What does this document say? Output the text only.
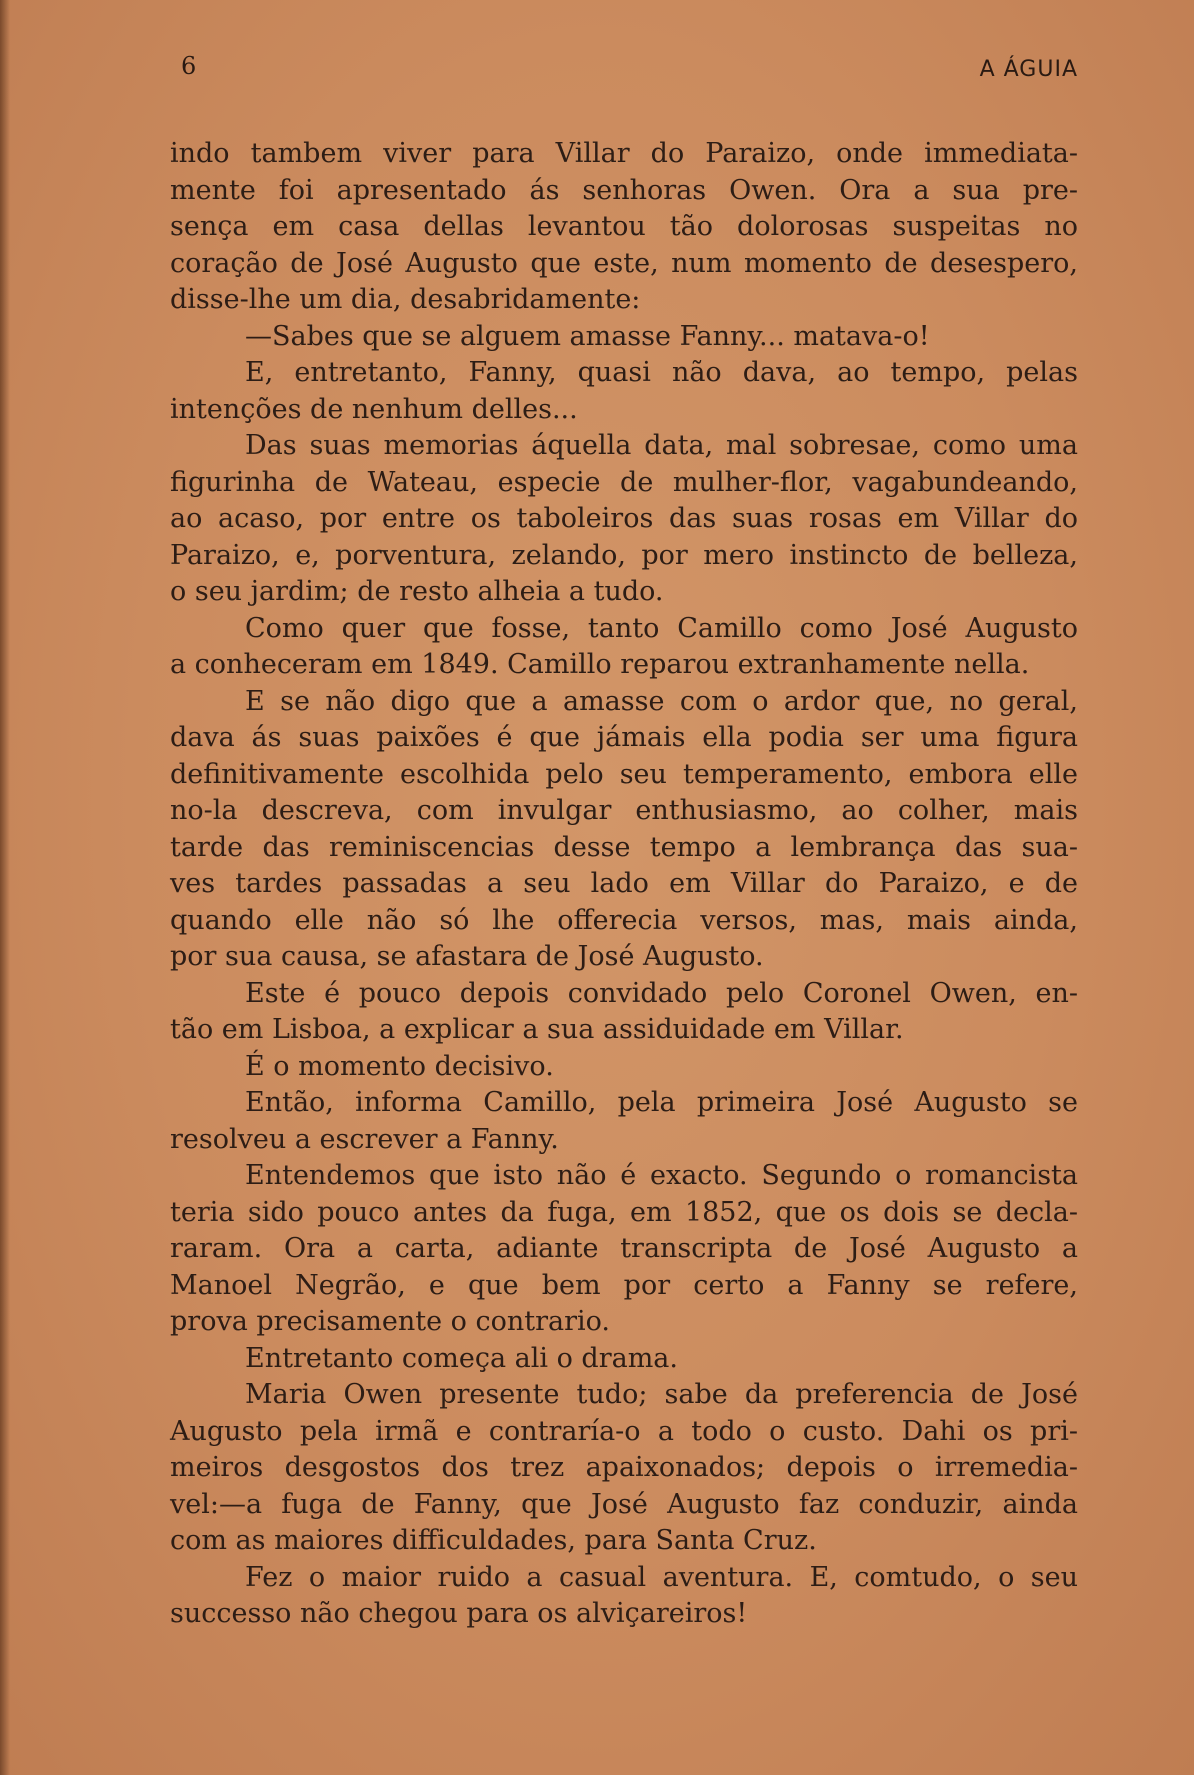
6	A ÁGUIA
indo tambem viver para Villar do Paraizo, onde immediata-
mente foi apresentado ás senhoras Owen. Ora a sua pre-
sença em casa dellas levantou tão dolorosas suspeitas no
coração de José Augusto que este, num momento de desespero,
disse-lhe um dia, desabridamente:
—Sabes que se alguem amasse Fanny... matava-o!
E, entretanto, Fanny, quasi não dava, ao tempo, pelas
intenções de nenhum delles...
Das suas memorias áquella data, mal sobresae, como uma
figurinha de Wateau, especie de mulher-flor, vagabundeando,
ao acaso, por entre os taboleiros das suas rosas em Villar do
Paraizo, e, porventura, zelando, por mero instincto de belleza,
o seu jardim; de resto alheia a tudo.
Como quer que fosse, tanto Camillo como José Augusto
a conheceram em 1849. Camillo reparou extranhamente nella.
E se não digo que a amasse com o ardor que, no geral,
dava ás suas paixões é que jámais ella podia ser uma figura
definitivamente escolhida pelo seu temperamento, embora elle
no-la descreva, com invulgar enthusiasmo, ao colher, mais
tarde das reminiscencias desse tempo a lembrança das sua-
ves tardes passadas a seu lado em Villar do Paraizo, e de
quando elle não só lhe offerecia versos, mas, mais ainda,
por sua causa, se afastara de José Augusto.
Este é pouco depois convidado pelo Coronel Owen, en-
tão em Lisboa, a explicar a sua assiduidade em Villar.
É o momento decisivo.
Então, informa Camillo, pela primeira José Augusto se
resolveu a escrever a Fanny.
Entendemos que isto não é exacto. Segundo o romancista
teria sido pouco antes da fuga, em 1852, que os dois se decla-
raram. Ora a carta, adiante transcripta de José Augusto a
Manoel Negrão, e que bem por certo a Fanny se refere,
prova precisamente o contrario.
Entretanto começa ali o drama.
Maria Owen presente tudo; sabe da preferencia de José
Augusto pela irmã e contraría-o a todo o custo. Dahi os pri-
meiros desgostos dos trez apaixonados; depois o irremedia-
vel:—a fuga de Fanny, que José Augusto faz conduzir, ainda
com as maiores difficuldades, para Santa Cruz.
Fez o maior ruido a casual aventura. E, comtudo, o seu
successo não chegou para os alviçareiros!
